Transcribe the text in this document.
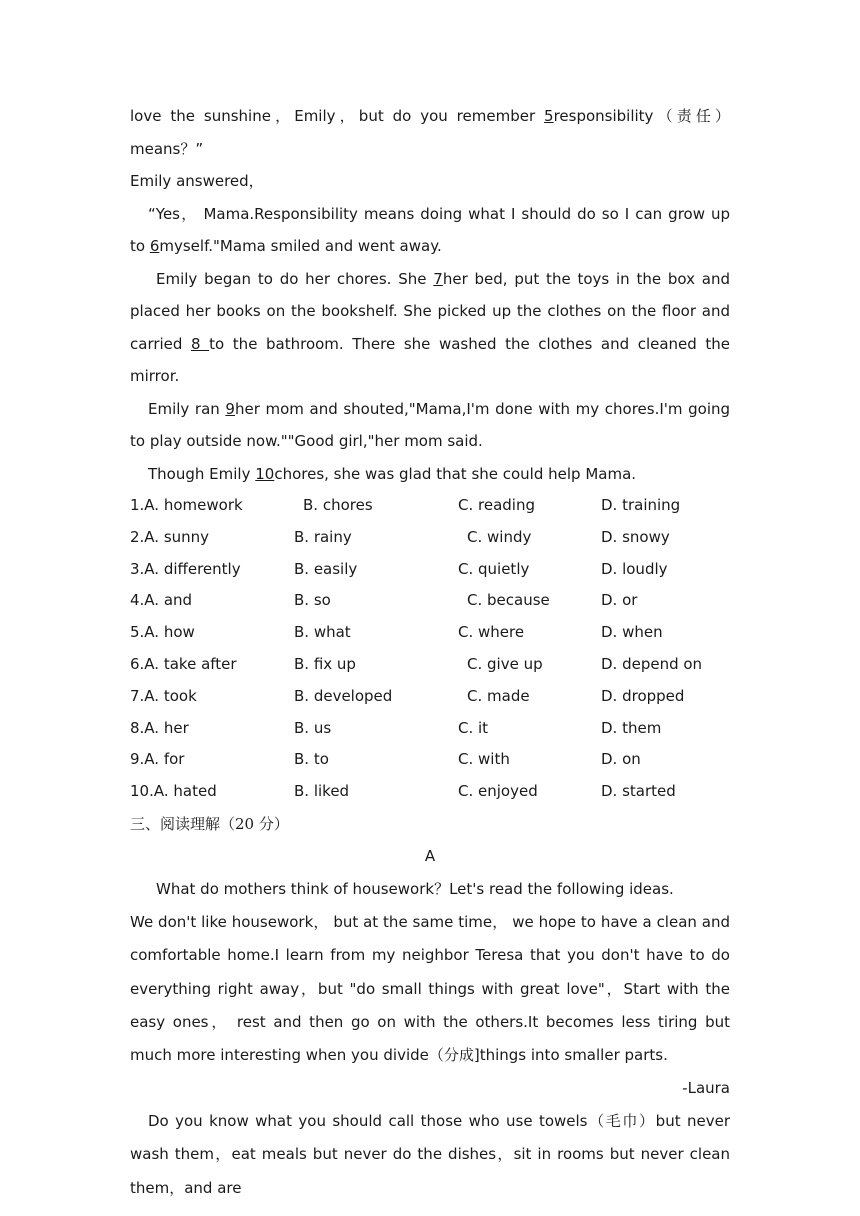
love the sunshine，Emily，but do you remember 5responsibility（责任）means？”
Emily answered，

“Yes， Mama.Responsibility means doing what I should do so I can grow up to 6myself."Mama smiled and went away.

Emily began to do her chores. She 7her bed, put the toys in the box and placed her books on the bookshelf. She picked up the clothes on the floor and carried 8 to the bathroom. There she washed the clothes and cleaned the mirror.

Emily ran 9her mom and shouted,"Mama,I'm done with my chores.I'm going to play outside now.""Good girl,"her mom said.

Though Emily 10chores, she was glad that she could help Mama.

1.A. homework	B. chores	C. reading	D. training
2.A. sunny	B. rainy	C. windy	D. snowy
3.A. differently	B. easily	C. quietly	D. loudly
4.A. and	B. so	C. because	D. or
5.A. how	B. what	C. where	D. when
6.A. take after	B. fix up	C. give up	D. depend on
7.A. took	B. developed	C. made	D. dropped
8.A. her	B. us	C. it	D. them
9.A. for	B. to	C. with	D. on
10.A. hated	B. liked	C. enjoyed	D. started
三、阅读理解（20 分）
A

What do mothers think of housework？Let's read the following ideas.

We don't like housework， but at the same time， we hope to have a clean and comfortable home.I learn from my neighbor Teresa that you don't have to do everything right away，but "do small things with great love"，Start with the easy ones， rest and then go on with the others.It becomes less tiring but much more interesting when you divide（分成]things into smaller parts.

-Laura

Do you know what you should call those who use towels（毛巾）but never wash them，eat meals but never do the dishes，sit in rooms but never clean them，and are
